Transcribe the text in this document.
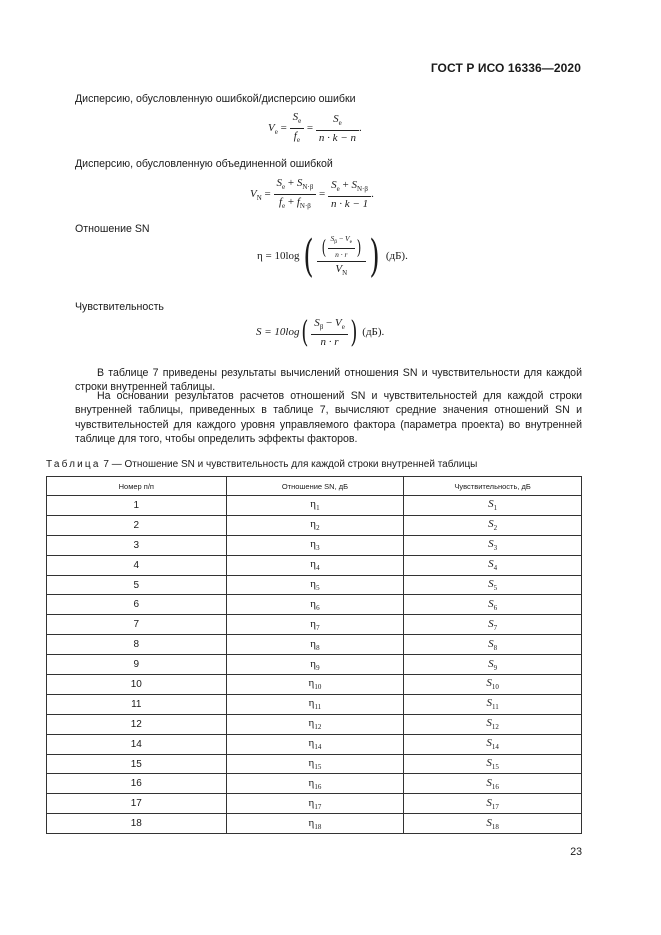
ГОСТ Р ИСО 16336—2020
Дисперсию, обусловленную ошибкой/дисперсию ошибки
$V_e = \frac{S_e}{f_e} = \frac{S_e}{n \cdot k - n}$ .
Дисперсию, обусловленную объединенной ошибкой
$V_N = \frac{S_e + S_{N\cdot\beta}}{f_e + f_{N\cdot\beta}} = \frac{S_e + S_{N\cdot\beta}}{n \cdot k - 1}$ .
Отношение SN
$\eta = 10\log( \frac{( \frac{S_\beta - V_e}{n \cdot r} )}{V_N}$ ) (дБ).
Чувствительность
$S = 10\log( \frac{S_\beta - V_e}{n \cdot r}$ ) (дБ).
В таблице 7 приведены результаты вычислений отношения SN и чувствительности для каждой строки внутренней таблицы.
На основании результатов расчетов отношений SN и чувствительностей для каждой строки внутренней таблицы, приведенных в таблице 7, вычисляют средние значения отношений SN и чувствительностей для каждого уровня управляемого фактора (параметра проекта) во внутренней таблице для того, чтобы определить эффекты факторов.
Таблица 7 — Отношение SN и чувствительность для каждой строки внутренней таблицы
Номер п/п	Отношение SN, дБ	Чувствительность, дБ
1	$\eta_1$	$S_1$
2	$\eta_2$	$S_2$
3	$\eta_3$	$S_3$
4	$\eta_4$	$S_4$
5	$\eta_5$	$S_5$
6	$\eta_6$	$S_6$
7	$\eta_7$	$S_7$
8	$\eta_8$	$S_8$
9	$\eta_9$	$S_9$
10	$\eta_{10}$	$S_{10}$
11	$\eta_{11}$	$S_{11}$
12	$\eta_{12}$	$S_{12}$
14	$\eta_{14}$	$S_{14}$
15	$\eta_{15}$	$S_{15}$
16	$\eta_{16}$	$S_{16}$
17	$\eta_{17}$	$S_{17}$
18	$\eta_{18}$	$S_{18}$
23
